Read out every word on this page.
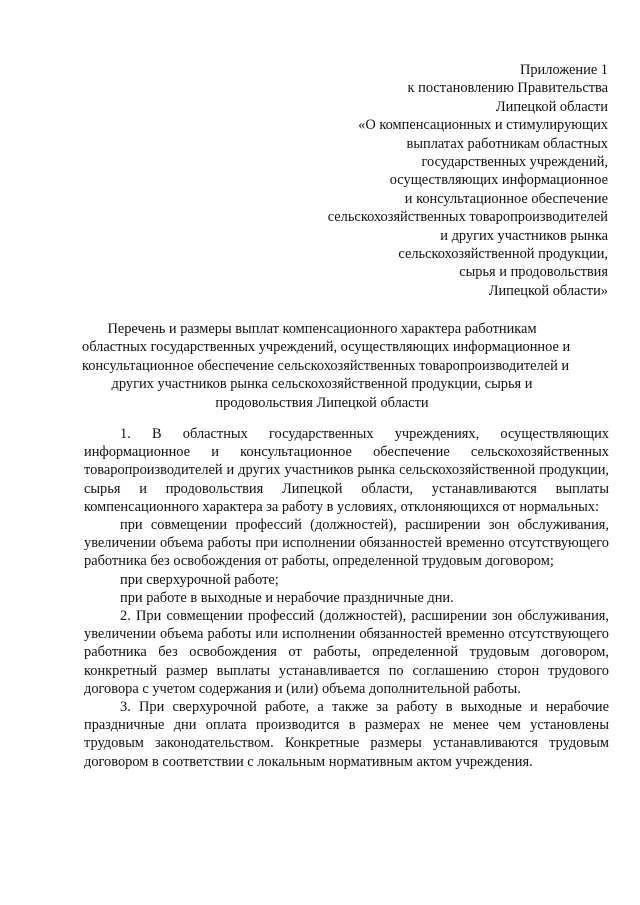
Приложение 1
к постановлению Правительства
Липецкой области
«О компенсационных и стимулирующих
выплатах работникам областных
государственных учреждений,
осуществляющих информационное
и консультационное обеспечение
сельскохозяйственных товаропроизводителей
и других участников рынка
сельскохозяйственной продукции,
сырья и продовольствия
Липецкой области»
Перечень и размеры выплат компенсационного характера работникам
областных государственных учреждений, осуществляющих информационное и
консультационное обеспечение сельскохозяйственных товаропроизводителей и
других участников рынка сельскохозяйственной продукции, сырья и
продовольствия Липецкой области

1. В областных государственных учреждениях, осуществляющих информационное и консультационное обеспечение сельскохозяйственных товаропроизводителей и других участников рынка сельскохозяйственной продукции, сырья и продовольствия Липецкой области, устанавливаются выплаты компенсационного характера за работу в условиях, отклоняющихся от нормальных:

при совмещении профессий (должностей), расширении зон обслуживания, увеличении объема работы при исполнении обязанностей временно отсутствующего работника без освобождения от работы, определенной трудовым договором;

при сверхурочной работе;

при работе в выходные и нерабочие праздничные дни.

2. При совмещении профессий (должностей), расширении зон обслуживания, увеличении объема работы или исполнении обязанностей временно отсутствующего работника без освобождения от работы, определенной трудовым договором, конкретный размер выплаты устанавливается по соглашению сторон трудового договора с учетом содержания и (или) объема дополнительной работы.

3. При сверхурочной работе, а также за работу в выходные и нерабочие праздничные дни оплата производится в размерах не менее чем установлены трудовым законодательством. Конкретные размеры устанавливаются трудовым договором в соответствии с локальным нормативным актом учреждения.
